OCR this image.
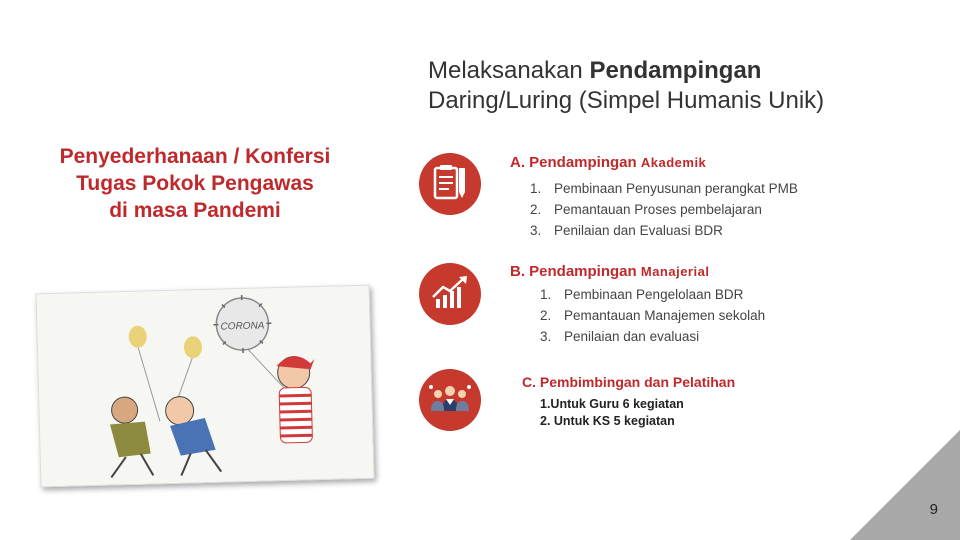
Melaksanakan Pendampingan
Daring/Luring (Simpel Humanis Unik)
Penyederhanaan / Konfersi
Tugas Pokok Pengawas
di masa Pandemi
A. Pendampingan Akademik
1. Pembinaan Penyusunan perangkat PMB
2. Pemantauan Proses pembelajaran
3. Penilaian dan Evaluasi BDR
B. Pendampingan Manajerial
1. Pembinaan Pengelolaan BDR
2. Pemantauan Manajemen sekolah
3. Penilaian dan evaluasi
C. Pembimbingan dan Pelatihan
1.Untuk Guru 6 kegiatan
2. Untuk KS 5 kegiatan
CORONA
9
